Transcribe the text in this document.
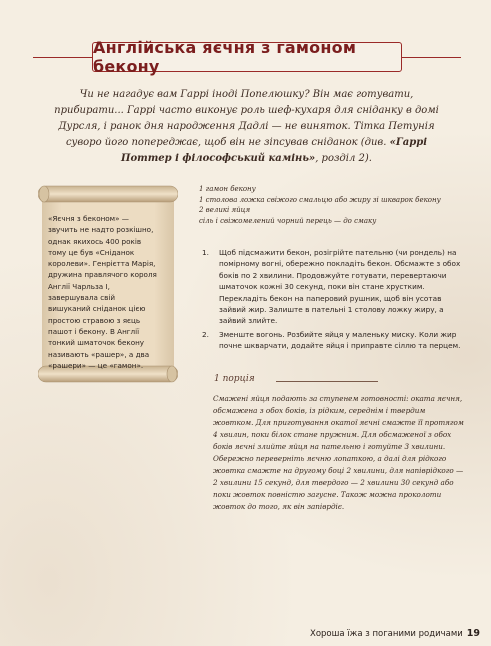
Англійська яєчня з гамоном бекону
Чи не нагадує вам Гаррі іноді Попелюшку? Він має готувати, прибирати... Гаррі часто виконує роль шеф-кухаря для сніданку в домі Дурсля, і ранок дня народження Дадлі — не виняток. Тітка Петунія суворо його попереджає, щоб він не зіпсував сніданок (див. «Гаррі Поттер і філософський камінь», розділ 2).
«Яєчня з беконом» — звучить не надто розкішно, однак якихось 400 років тому це був «Сніданок королеви». Генрієтта Марія, дружина правлячого короля Англії Чарльза І, завершувала свій вишуканий сніданок цією простою стравою з яєць пашот і бекону. В Англії тонкий шматочок бекону називають «рашер», а два «рашери» — це «гамон».
1 гамон бекону
1 столова ложка свіжого смальцю або жиру зі шкварок бекону
2 великі яйця
сіль і свіжомелений чорний перець — до смаку
1. Щоб підсмажити бекон, розігрійте пательню (чи рондель) на помірному вогні, обережно покладіть бекон. Обсмажте з обох боків по 2 хвилини. Продовжуйте готувати, перевертаючи шматочок кожні 30 секунд, поки він стане хрустким. Перекладіть бекон на паперовий рушник, щоб він усотав зайвий жир. Залиште в пательні 1 столову ложку жиру, а зайвий злийте.
2. Зменште вогонь. Розбийте яйця у маленьку миску. Коли жир почне шкварчати, додайте яйця і приправте сіллю та перцем.
1 порція
Смажені яйця подають за ступенем готовності: оката яєчня, обсмажена з обох боків, із рідким, середнім і твердим жовтком. Для приготування окатої яєчні смажте її протягом 4 хвилин, поки білок стане пружним. Для обсмаженої з обох боків яєчні злийте яйця на пательню і готуйте 3 хвилини. Обережно переверніть яєчню лопаткою, а далі для рідкого жовтка смажте на другому боці 2 хвилини, для напіврідкого — 2 хвилини 15 секунд, для твердого — 2 хвилини 30 секунд або поки жовток повністю загусне. Також можна проколоти жовток до того, як він запіврдіє.
Хороша їжа з поганими родичами 19
